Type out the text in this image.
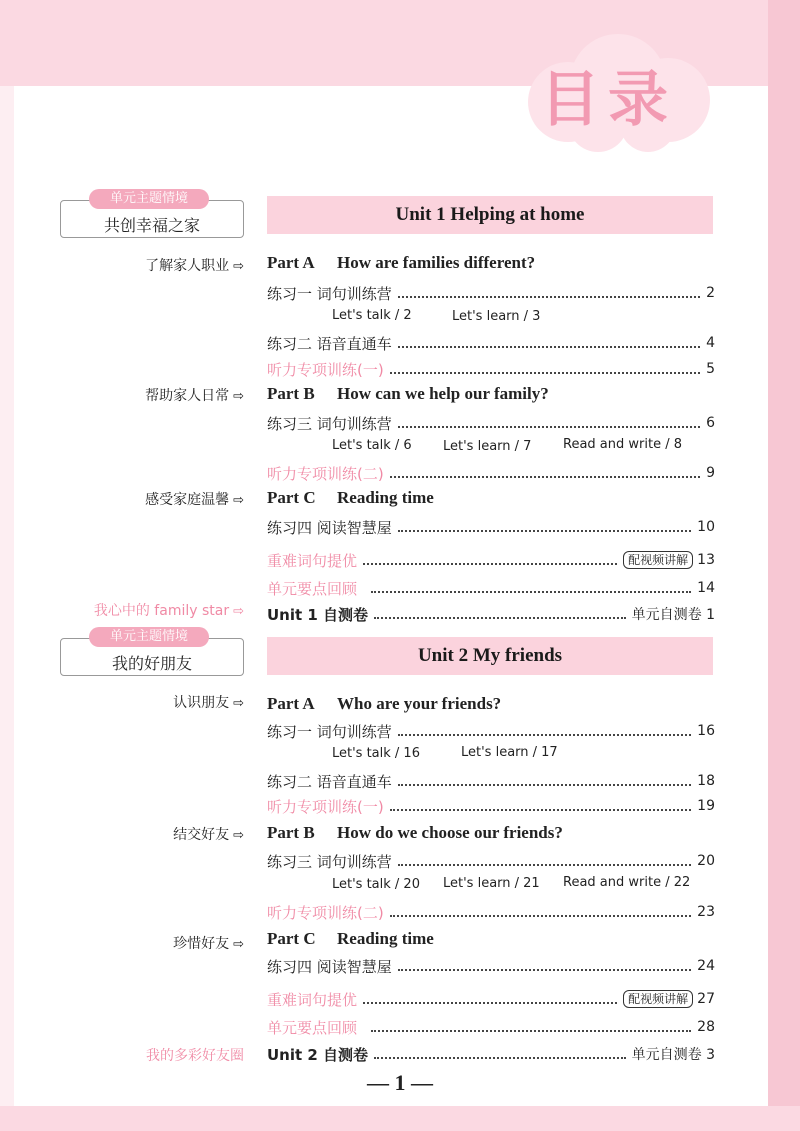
目录
单元主题情境
共创幸福之家
Unit 1 Helping at home
了解家人职业 ⇨ Part A How are families different?
练习一 词句训练营	2
Let's talk / 2	Let's learn / 3
练习二 语音直通车	4
听力专项训练(一)	5
帮助家人日常 ⇨ Part B How can we help our family?
练习三 词句训练营	6
Let's talk / 6 Let's learn / 7 Read and write / 8
听力专项训练(二)	9
感受家庭温馨 ⇨ Part C Reading time
练习四 阅读智慧屋	10
重难词句提优	配视频讲解 13
单元要点回顾	14
我心中的 family star ⇨ Unit 1 自测卷	单元自测卷 1
单元主题情境
我的好朋友	Unit 2 My friends
认识朋友 ⇨ Part A Who are your friends?
练习一 词句训练营	16
Let's talk / 16	Let's learn / 17
练习二 语音直通车	18
听力专项训练(一)	19
结交好友 ⇨ Part B How do we choose our friends?
练习三 词句训练营	20
Let's talk / 20 Let's learn / 21 Read and write / 22
听力专项训练(二)	23
珍惜好友 ⇨ Part C Reading time
练习四 阅读智慧屋	24
重难词句提优	配视频讲解 27
单元要点回顾	28
我的多彩好友圈 Unit 2 自测卷	单元自测卷 3
— 1 —
